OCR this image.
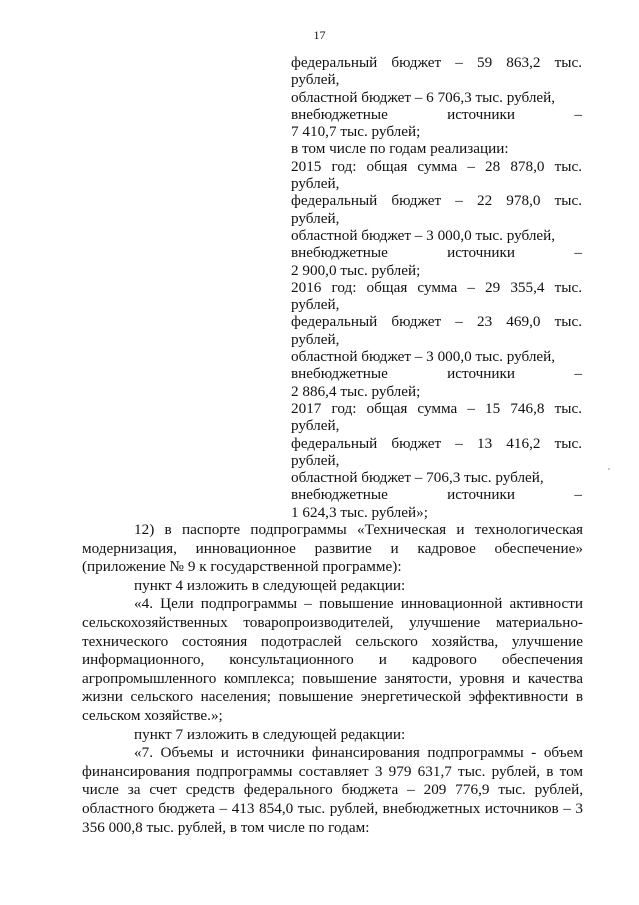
17

федеральный бюджет – 59 863,2 тыс.

рублей,

областной бюджет – 6 706,3 тыс. рублей,

внебюджетные источники –

7 410,7 тыс. рублей;

в том числе по годам реализации:

2015 год: общая сумма – 28 878,0 тыс.

рублей,

федеральный бюджет – 22 978,0 тыс.

рублей,

областной бюджет – 3 000,0 тыс. рублей,

внебюджетные источники –

2 900,0 тыс. рублей;

2016 год: общая сумма – 29 355,4 тыс.

рублей,

федеральный бюджет – 23 469,0 тыс.

рублей,

областной бюджет – 3 000,0 тыс. рублей,

внебюджетные источники –

2 886,4 тыс. рублей;

2017 год: общая сумма – 15 746,8 тыс.

рублей,

федеральный бюджет – 13 416,2 тыс.

рублей,

областной бюджет – 706,3 тыс. рублей,

внебюджетные источники –

1 624,3 тыс. рублей»;

12) в паспорте подпрограммы «Техническая и технологическая модернизация, инновационное развитие и кадровое обеспечение» (приложение № 9 к государственной программе):

пункт 4 изложить в следующей редакции:

«4. Цели подпрограммы – повышение инновационной активности сельскохозяйственных товаропроизводителей, улучшение материально-технического состояния подотраслей сельского хозяйства, улучшение информационного, консультационного и кадрового обеспечения агропромышленного комплекса; повышение занятости, уровня и качества жизни сельского населения; повышение энергетической эффективности в сельском хозяйстве.»;

пункт 7 изложить в следующей редакции:

«7. Объемы и источники финансирования подпрограммы - объем финансирования подпрограммы составляет 3 979 631,7 тыс. рублей, в том числе за счет средств федерального бюджета – 209 776,9 тыс. рублей, областного бюджета – 413 854,0 тыс. рублей, внебюджетных источников – 3 356 000,8 тыс. рублей, в том числе по годам:
